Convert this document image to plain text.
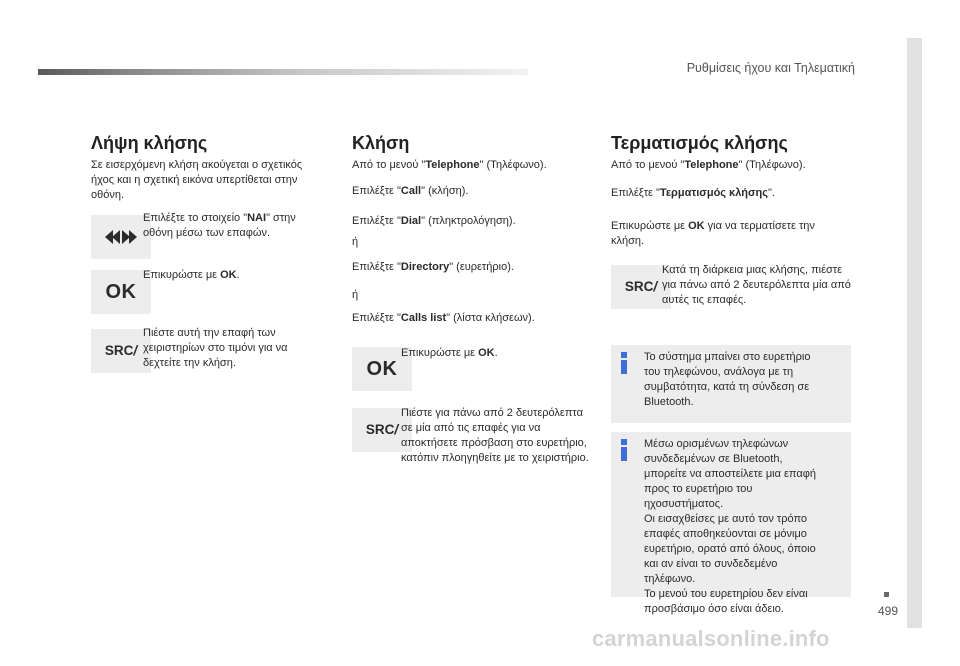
Ρυθμίσεις ήχου και Τηλεματική
499
Λήψη κλήσης
Σε εισερχόμενη κλήση ακούγεται ο σχετικός ήχος και η σχετική εικόνα υπερτίθεται στην οθόνη.
Επιλέξτε το στοιχείο "ΝΑΙ" στην οθόνη μέσω των επαφών.
OK
Επικυρώστε με OK.
SRC/
Πιέστε αυτή την επαφή των χειριστηρίων στο τιμόνι για να δεχτείτε την κλήση.
Κλήση
Από το μενού "Telephone" (Τηλέφωνο).
Επιλέξτε "Call" (κλήση).
Επιλέξτε "Dial" (πληκτρολόγηση).
ή
Επιλέξτε "Directory" (ευρετήριο).
ή
Επιλέξτε "Calls list" (λίστα κλήσεων).
OK
Επικυρώστε με OK.
SRC/
Πιέστε για πάνω από 2 δευτερόλεπτα σε μία από τις επαφές για να αποκτήσετε πρόσβαση στο ευρετήριο, κατόπιν πλοηγηθείτε με το χειριστήριο.
Τερματισμός κλήσης
Από το μενού "Telephone" (Τηλέφωνο).
Επιλέξτε "Τερματισμός κλήσης".
Επικυρώστε με OK για να τερματίσετε την κλήση.
SRC/
Κατά τη διάρκεια μιας κλήσης, πιέστε για πάνω από 2 δευτερόλεπτα μία από αυτές τις επαφές.
Το σύστημα μπαίνει στο ευρετήριο του τηλεφώνου, ανάλογα με τη συμβατότητα, κατά τη σύνδεση σε Bluetooth.
Μέσω ορισμένων τηλεφώνων συνδεδεμένων σε Bluetooth, μπορείτε να αποστείλετε μια επαφή προς το ευρετήριο του ηχοσυστήματος.
Οι εισαχθείσες με αυτό τον τρόπο επαφές αποθηκεύονται σε μόνιμο ευρετήριο, ορατό από όλους, όποιο και αν είναι το συνδεδεμένο τηλέφωνο.
Το μενού του ευρετηρίου δεν είναι προσβάσιμο όσο είναι άδειο.
carmanualsonline.info
